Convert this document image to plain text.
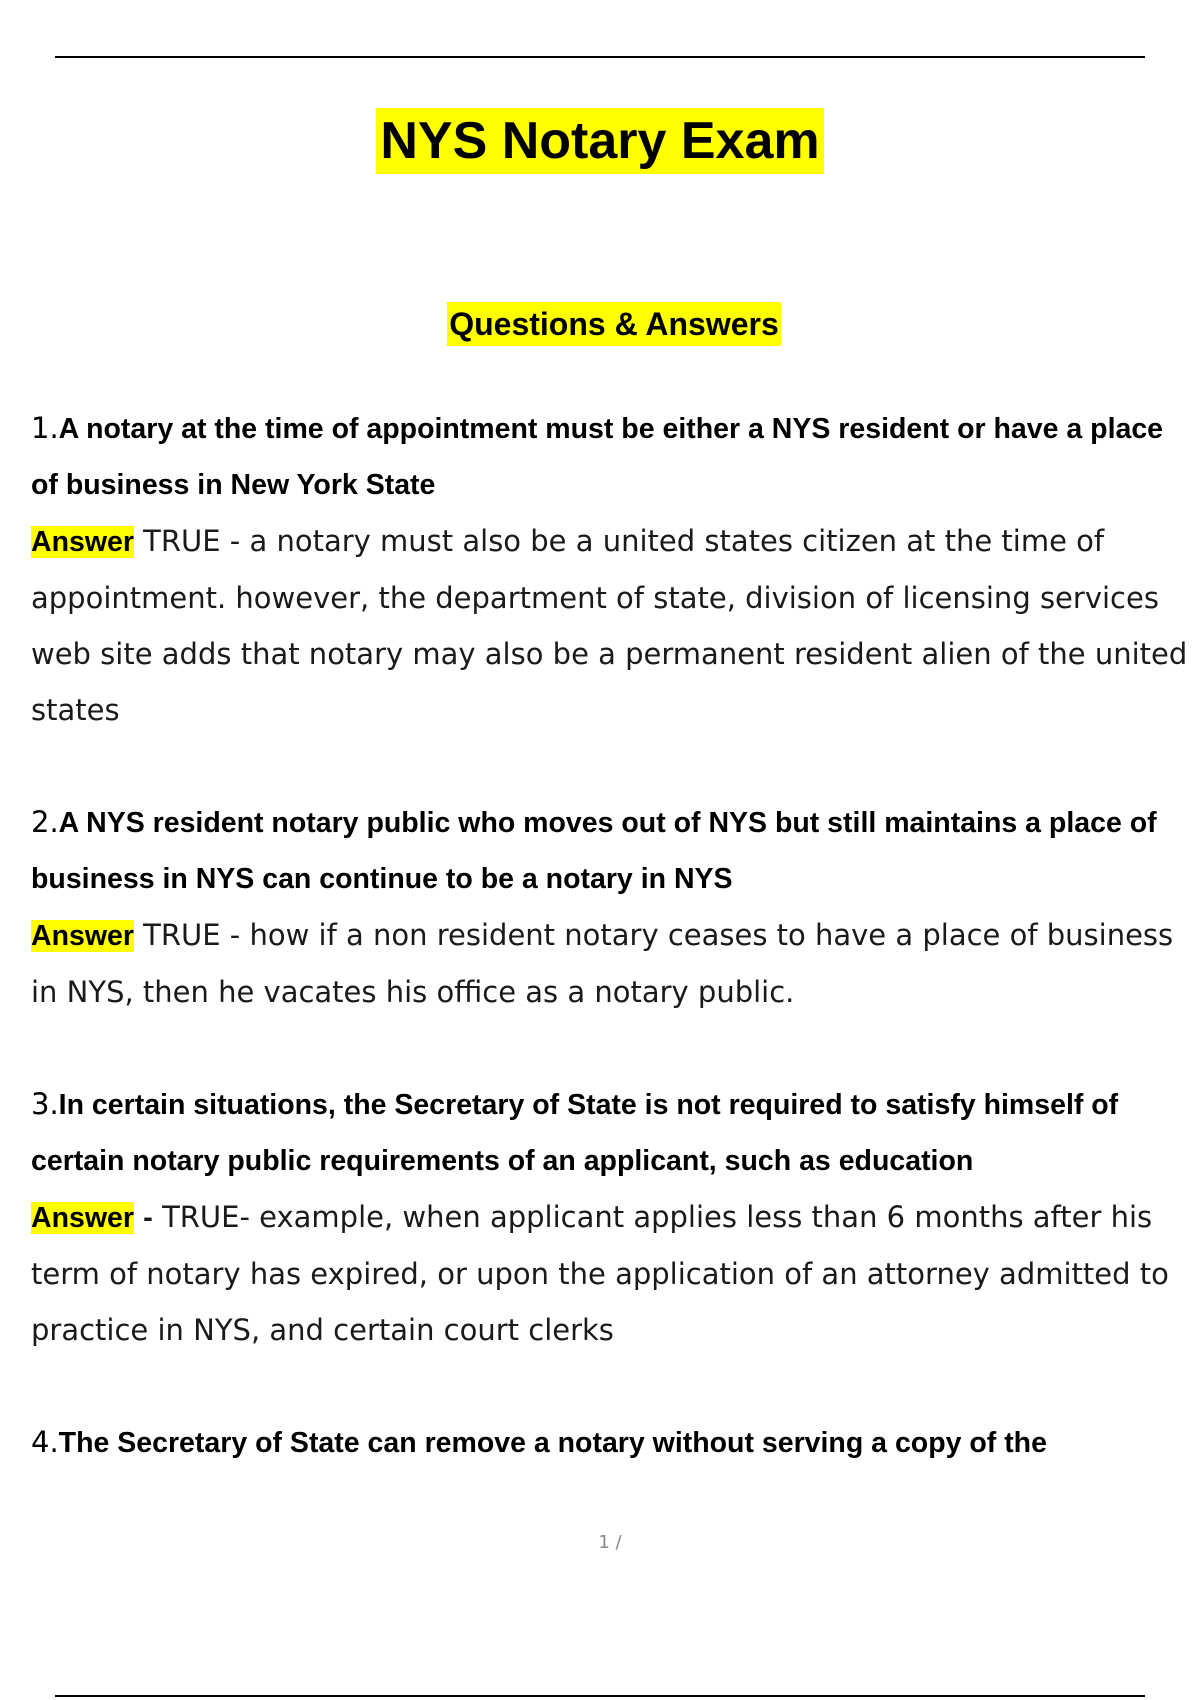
NYS Notary Exam
Questions & Answers

1.A notary at the time of appointment must be either a NYS resident or have a place of business in New York State

Answer TRUE - a notary must also be a united states citizen at the time of appointment. however, the department of state, division of licensing services web site adds that notary may also be a permanent resident alien of the united states

2.A NYS resident notary public who moves out of NYS but still maintains a place of business in NYS can continue to be a notary in NYS

Answer TRUE - how if a non resident notary ceases to have a place of business in NYS, then he vacates his office as a notary public.

3.In certain situations, the Secretary of State is not required to satisfy himself of certain notary public requirements of an applicant, such as education

Answer - TRUE- example, when applicant applies less than 6 months after his term of notary has expired, or upon the application of an attorney admitted to practice in NYS, and certain court clerks

4.The Secretary of State can remove a notary without serving a copy of the

1 /
